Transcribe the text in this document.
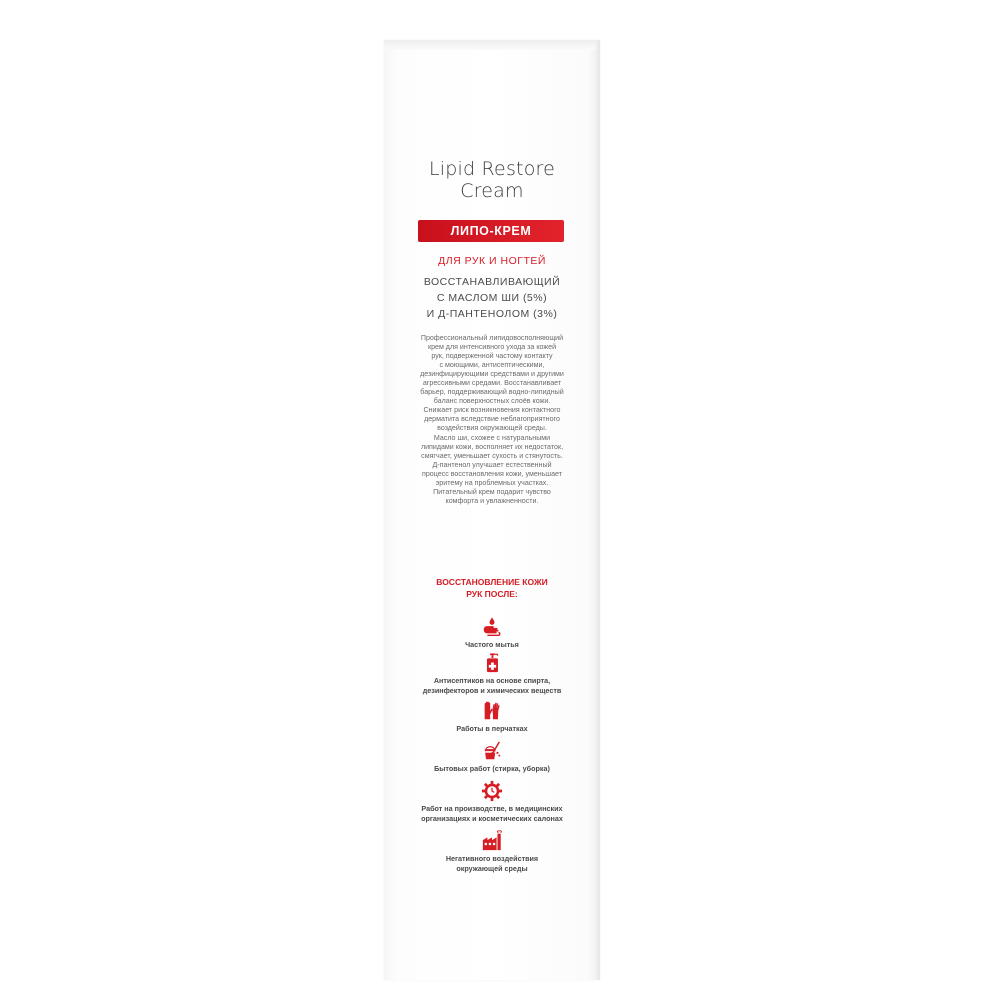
Lipid Restore
Cream
ЛИПО-КРЕМ
ДЛЯ РУК И НОГТЕЙ
ВОССТАНАВЛИВАЮЩИЙ
С МАСЛОМ ШИ (5%)
И Д-ПАНТЕНОЛОМ (3%)
Профессиональный липидовосполняющий
крем для интенсивного ухода за кожей
рук, подверженной частому контакту
с моющими, антисептическими,
дезинфицирующими средствами и другими
агрессивными средами. Восстанавливает
барьер, поддерживающий водно-липидный
баланс поверхностных слоёв кожи.
Снижает риск возникновения контактного
дерматита вследствие неблагоприятного
воздействия окружающей среды.
Масло ши, схожее с натуральными
липидами кожи, восполняет их недостаток,
смягчает, уменьшает сухость и стянутость.
Д-пантенол улучшает естественный
процесс восстановления кожи, уменьшает
эритему на проблемных участках.
Питательный крем подарит чувство
комфорта и увлажненности.
ВОССТАНОВЛЕНИЕ КОЖИ
РУК ПОСЛЕ:
Частого мытья
Антисептиков на основе спирта,
дезинфекторов и химических веществ
Работы в перчатках
Бытовых работ (стирка, уборка)
Работ на производстве, в медицинских
организациях и косметических салонах
Негативного воздействия
окружающей среды
